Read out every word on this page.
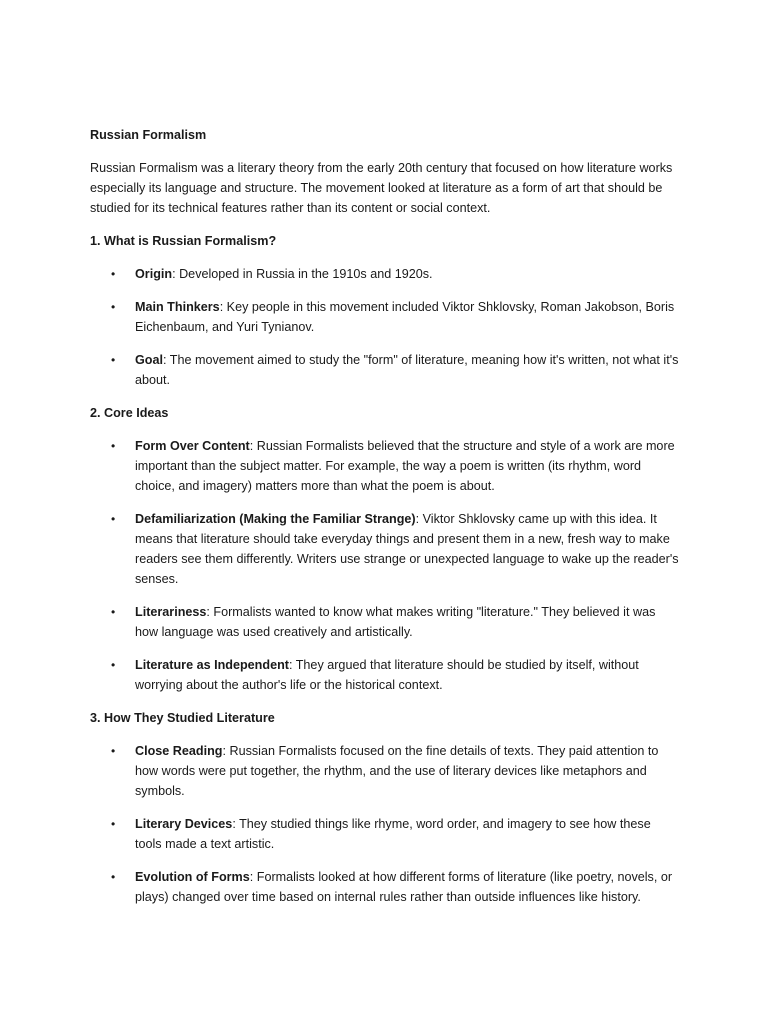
Russian Formalism
Russian Formalism was a literary theory from the early 20th century that focused on how literature works especially its language and structure. The movement looked at literature as a form of art that should be studied for its technical features rather than its content or social context.
1. What is Russian Formalism?
• Origin: Developed in Russia in the 1910s and 1920s.
• Main Thinkers: Key people in this movement included Viktor Shklovsky, Roman Jakobson, Boris Eichenbaum, and Yuri Tynianov.
• Goal: The movement aimed to study the "form" of literature, meaning how it's written, not what it's about.
2. Core Ideas
• Form Over Content: Russian Formalists believed that the structure and style of a work are more important than the subject matter. For example, the way a poem is written (its rhythm, word choice, and imagery) matters more than what the poem is about.
• Defamiliarization (Making the Familiar Strange): Viktor Shklovsky came up with this idea. It means that literature should take everyday things and present them in a new, fresh way to make readers see them differently. Writers use strange or unexpected language to wake up the reader's senses.
• Literariness: Formalists wanted to know what makes writing "literature." They believed it was how language was used creatively and artistically.
• Literature as Independent: They argued that literature should be studied by itself, without worrying about the author's life or the historical context.
3. How They Studied Literature
• Close Reading: Russian Formalists focused on the fine details of texts. They paid attention to how words were put together, the rhythm, and the use of literary devices like metaphors and symbols.
• Literary Devices: They studied things like rhyme, word order, and imagery to see how these tools made a text artistic.
• Evolution of Forms: Formalists looked at how different forms of literature (like poetry, novels, or plays) changed over time based on internal rules rather than outside influences like history.
